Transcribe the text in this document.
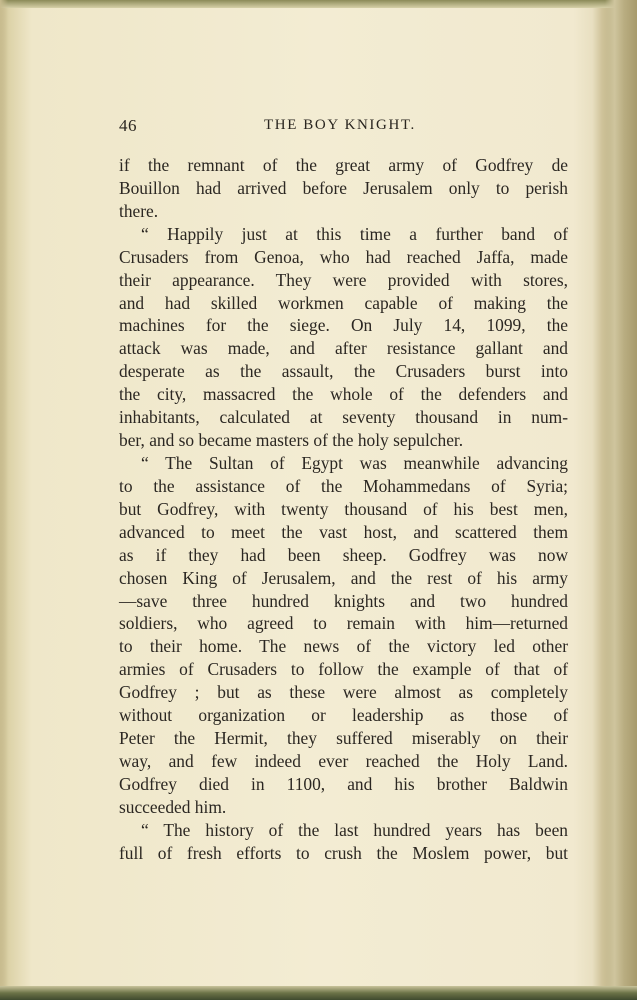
46	THE BOY KNIGHT.
if the remnant of the great army of Godfrey de
Bouillon had arrived before Jerusalem only to perish
there.
“ Happily just at this time a further band of
Crusaders from Genoa, who had reached Jaffa, made
their appearance. They were provided with stores,
and had skilled workmen capable of making the
machines for the siege. On July 14, 1099, the
attack was made, and after resistance gallant and
desperate as the assault, the Crusaders burst into
the city, massacred the whole of the defenders and
inhabitants, calculated at seventy thousand in num-
ber, and so became masters of the holy sepulcher.
“ The Sultan of Egypt was meanwhile advancing
to the assistance of the Mohammedans of Syria;
but Godfrey, with twenty thousand of his best men,
advanced to meet the vast host, and scattered them
as if they had been sheep. Godfrey was now
chosen King of Jerusalem, and the rest of his army
—save three hundred knights and two hundred
soldiers, who agreed to remain with him—returned
to their home. The news of the victory led other
armies of Crusaders to follow the example of that of
Godfrey ; but as these were almost as completely
without organization or leadership as those of
Peter the Hermit, they suffered miserably on their
way, and few indeed ever reached the Holy Land.
Godfrey died in 1100, and his brother Baldwin
succeeded him.
“ The history of the last hundred years has been
full of fresh efforts to crush the Moslem power, but
